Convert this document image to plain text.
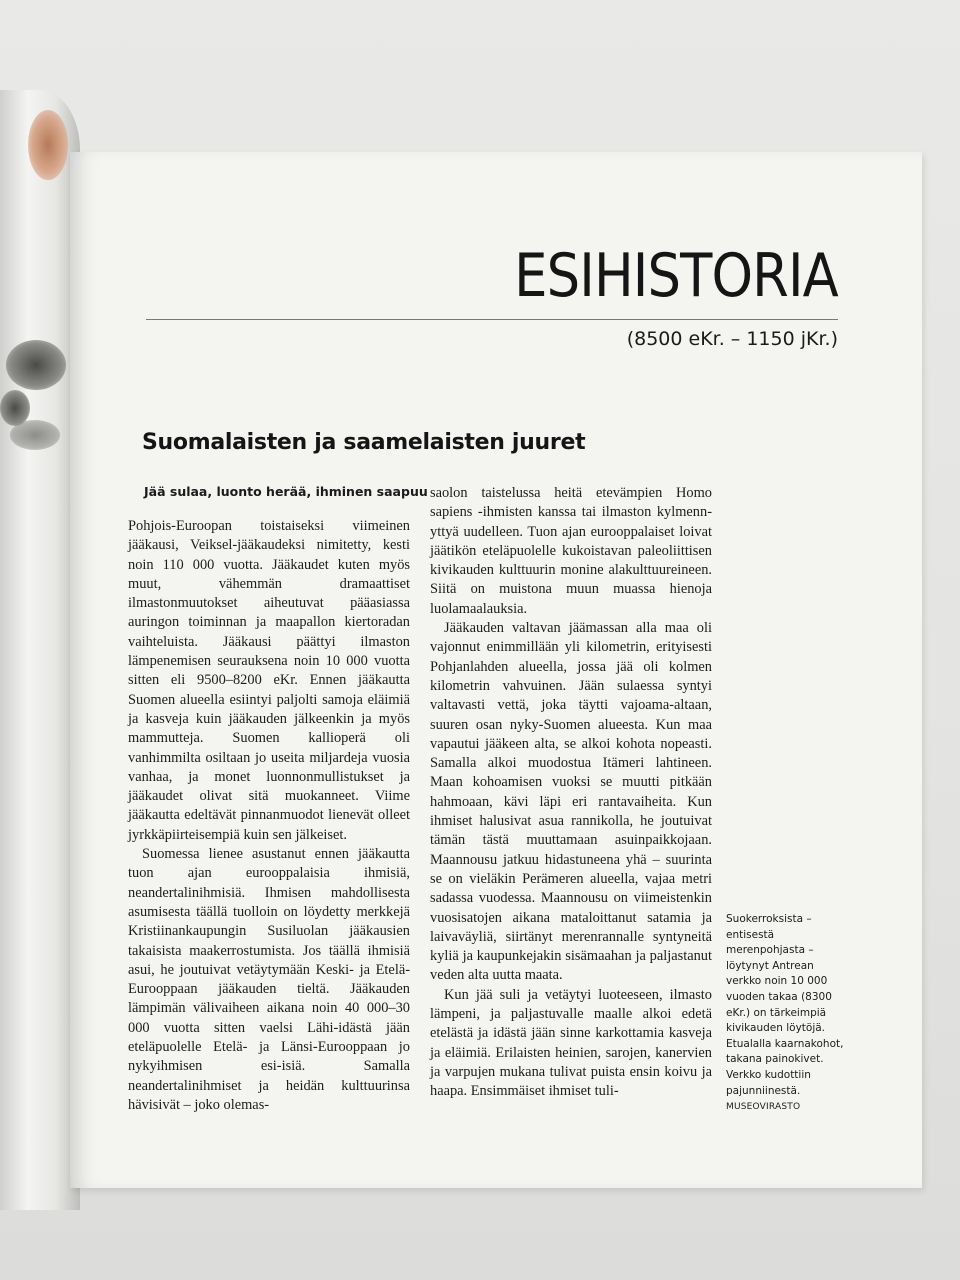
ESIHISTORIA
(8500 eKr. – 1150 jKr.)
Suomalaisten ja saamelaisten juuret
Jää sulaa, luonto herää, ihminen saapuu

Pohjois-Euroopan toistaiseksi viimeinen jääkausi, Veiksel-jääkaudeksi nimitetty, kesti noin 110 000 vuotta. Jääkaudet kuten myös muut, vähemmän dramaattiset ilmastonmuutokset aiheutuvat pääasiassa auringon toiminnan ja maapallon kiertoradan vaihteluista. Jääkausi päättyi ilmaston lämpenemisen seurauksena noin 10 000 vuotta sitten eli 9500–8200 eKr. Ennen jääkautta Suomen alueella esiintyi paljolti samoja eläimiä ja kasveja kuin jääkauden jälkeenkin ja myös mammutteja. Suomen kallioperä oli vanhimmilta osiltaan jo useita miljardeja vuosia vanhaa, ja monet luonnonmullistukset ja jääkaudet olivat sitä muokanneet. Viime jääkautta edeltävät pinnanmuodot lienevät olleet jyrkkäpiirteisempiä kuin sen jälkeiset.

Suomessa lienee asustanut ennen jääkautta tuon ajan eurooppalaisia ihmisiä, neandertalinihmisiä. Ihmisen mahdollisesta asumisesta täällä tuolloin on löydetty merkkejä Kristiinankaupungin Susiluolan jääkausien takaisista maakerrostumista. Jos täällä ihmisiä asui, he joutuivat vetäytymään Keski- ja Etelä-Eurooppaan jääkauden tieltä. Jääkauden lämpimän välivaiheen aikana noin 40 000–30 000 vuotta sitten vaelsi Lähi-idästä jään eteläpuolelle Etelä- ja Länsi-Eurooppaan jo nykyihmisen esi-isiä. Samalla neandertalinihmiset ja heidän kulttuurinsa hävisivät – joko olemas-

saolon taistelussa heitä etevämpien Homo sapiens -ihmisten kanssa tai ilmaston kylmennyttyä uudelleen. Tuon ajan eurooppalaiset loivat jäätikön eteläpuolelle kukoistavan paleoliittisen kivikauden kulttuurin monine alakulttuureineen. Siitä on muistona muun muassa hienoja luolamaalauksia.

Jääkauden valtavan jäämassan alla maa oli vajonnut enimmillään yli kilometrin, erityisesti Pohjanlahden alueella, jossa jää oli kolmen kilometrin vahvuinen. Jään sulaessa syntyi valtavasti vettä, joka täytti vajoama-altaan, suuren osan nyky-Suomen alueesta. Kun maa vapautui jääkeen alta, se alkoi kohota nopeasti. Samalla alkoi muodostua Itämeri lahtineen. Maan kohoamisen vuoksi se muutti pitkään hahmoaan, kävi läpi eri rantavaiheita. Kun ihmiset halusivat asua rannikolla, he joutuivat tämän tästä muuttamaan asuinpaikkojaan. Maannousu jatkuu hidastuneena yhä – suurinta se on vieläkin Perämeren alueella, vajaa metri sadassa vuodessa. Maannousu on viimeistenkin vuosisatojen aikana mataloittanut satamia ja laivaväyliä, siirtänyt merenrannalle syntyneitä kyliä ja kaupunkejakin sisämaahan ja paljastanut veden alta uutta maata.

Kun jää suli ja vetäytyi luoteeseen, ilmasto lämpeni, ja paljastuvalle maalle alkoi edetä etelästä ja idästä jään sinne karkottamia kasveja ja eläimiä. Erilaisten heinien, sarojen, kanervien ja varpujen mukana tulivat puista ensin koivu ja haapa. Ensimmäiset ihmiset tuli-

Suokerroksista – entisestä merenpohjasta – löytynyt Antrean verkko noin 10 000 vuoden takaa (8300 eKr.) on tärkeimpiä kivikauden löytöjä. Etualalla kaarnakohot, takana painokivet. Verkko kudottiin pajunniinestä. MUSEOVIRASTO
